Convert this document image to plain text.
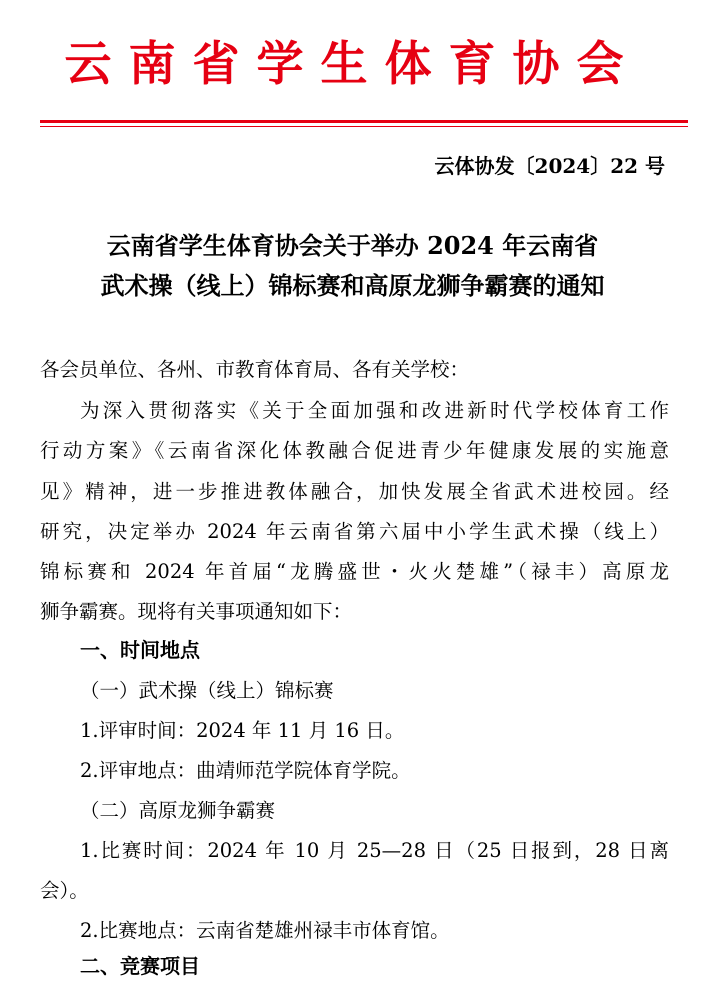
云南省学生体育协会
云体协发〔2024〕22 号
云南省学生体育协会关于举办 2024 年云南省
武术操（线上）锦标赛和高原龙狮争霸赛的通知
各会员单位、各州、市教育体育局、各有关学校：
为深入贯彻落实《关于全面加强和改进新时代学校体育工作
行动方案》《云南省深化体教融合促进青少年健康发展的实施意
见》精神，进一步推进教体融合，加快发展全省武术进校园。经
研究，决定举办 2024 年云南省第六届中小学生武术操（线上）
锦标赛和 2024 年首届“龙腾盛世・火火楚雄”（禄丰）高原龙
狮争霸赛。现将有关事项通知如下：
一、时间地点
（一）武术操（线上）锦标赛
1.评审时间：2024 年 11 月 16 日。
2.评审地点：曲靖师范学院体育学院。
（二）高原龙狮争霸赛
1.比赛时间：2024 年 10 月 25—28 日（25 日报到，28 日离
会）。
2.比赛地点：云南省楚雄州禄丰市体育馆。
二、竞赛项目
